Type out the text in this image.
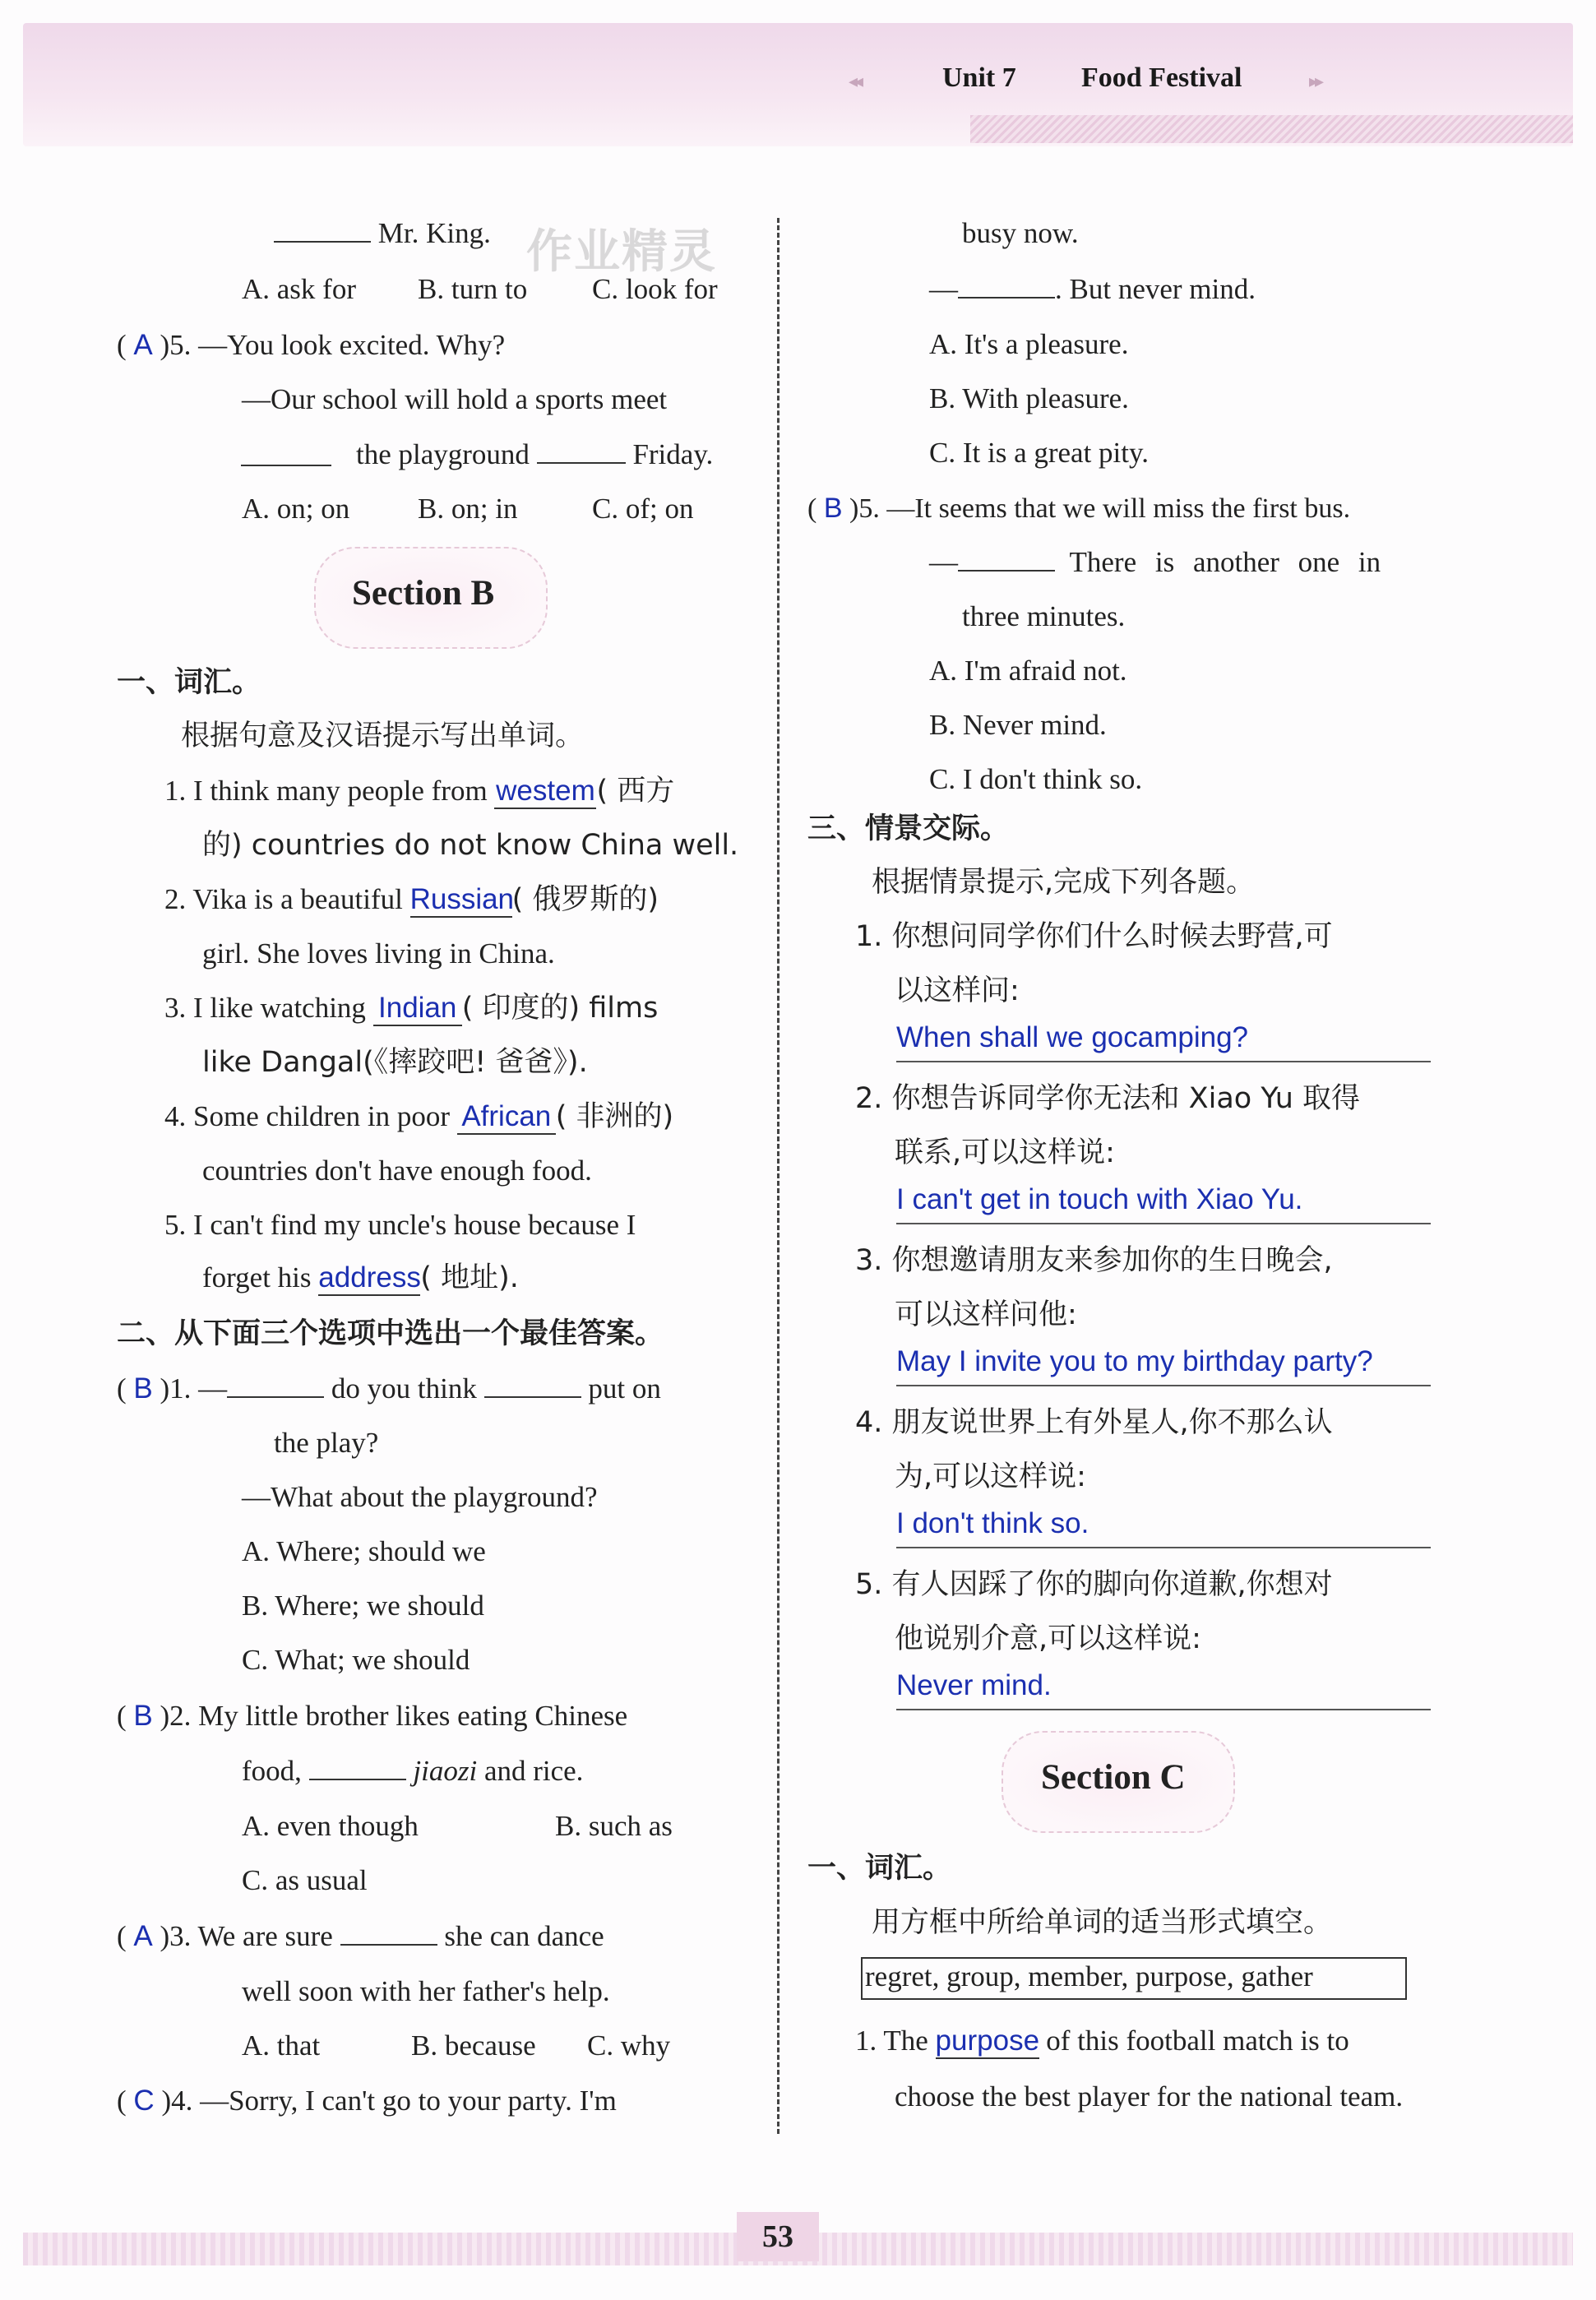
◂◂	Unit 7 Food Festival	▸▸
作业精灵
Mr. King.
A. ask for B. turn to C. look for
( A )5. —You look excited. Why?
—Our school will hold a sports meet
the playground	Friday.
A. on; on B. on; in	C. of; on
Section B
一、词汇。
根据句意及汉语提示写出单词。
1. I think many people from westem( 西方
的) countries do not know China well.
2. Vika is a beautiful Russian( 俄罗斯的)
girl. She loves living in China.
3. I like watching Indian ( 印度的) films
like Dangal(《摔跤吧! 爸爸》).
4. Some children in poor African ( 非洲的)
countries don't have enough food.
5. I can't find my uncle's house because I
forget his address( 地址).
二、从下面三个选项中选出一个最佳答案。
( B )1. —	do you think	put on
the play?
—What about the playground?
A. Where; should we
B. Where; we should
C. What; we should
( B )2. My little brother likes eating Chinese
food,	jiaozi and rice.
A. even though	B. such as
C. as usual
( A )3. We are sure	she can dance
well soon with her father's help.
A. that	B. because C. why
( C )4. —Sorry, I can't go to your party. I'm
busy now.
—	. But never mind.
A. It's a pleasure.
B. With pleasure.
C. It is a great pity.
( B )5. —It seems that we will miss the first bus.
—	There is another one in
three minutes.
A. I'm afraid not.
B. Never mind.
C. I don't think so.
三、情景交际。
根据情景提示,完成下列各题。
1. 你想问同学你们什么时候去野营,可
以这样问:
When shall we gocamping?
2. 你想告诉同学你无法和 Xiao Yu 取得
联系,可以这样说:
I can't get in touch with Xiao Yu.
3. 你想邀请朋友来参加你的生日晚会,
可以这样问他:
May I invite you to my birthday party?
4. 朋友说世界上有外星人,你不那么认
为,可以这样说:
I don't think so.
5. 有人因踩了你的脚向你道歉,你想对
他说别介意,可以这样说:
Never mind.
Section C
一、词汇。
用方框中所给单词的适当形式填空。
regret, group, member, purpose, gather
1. The purpose of this football match is to
choose the best player for the national team.
53
